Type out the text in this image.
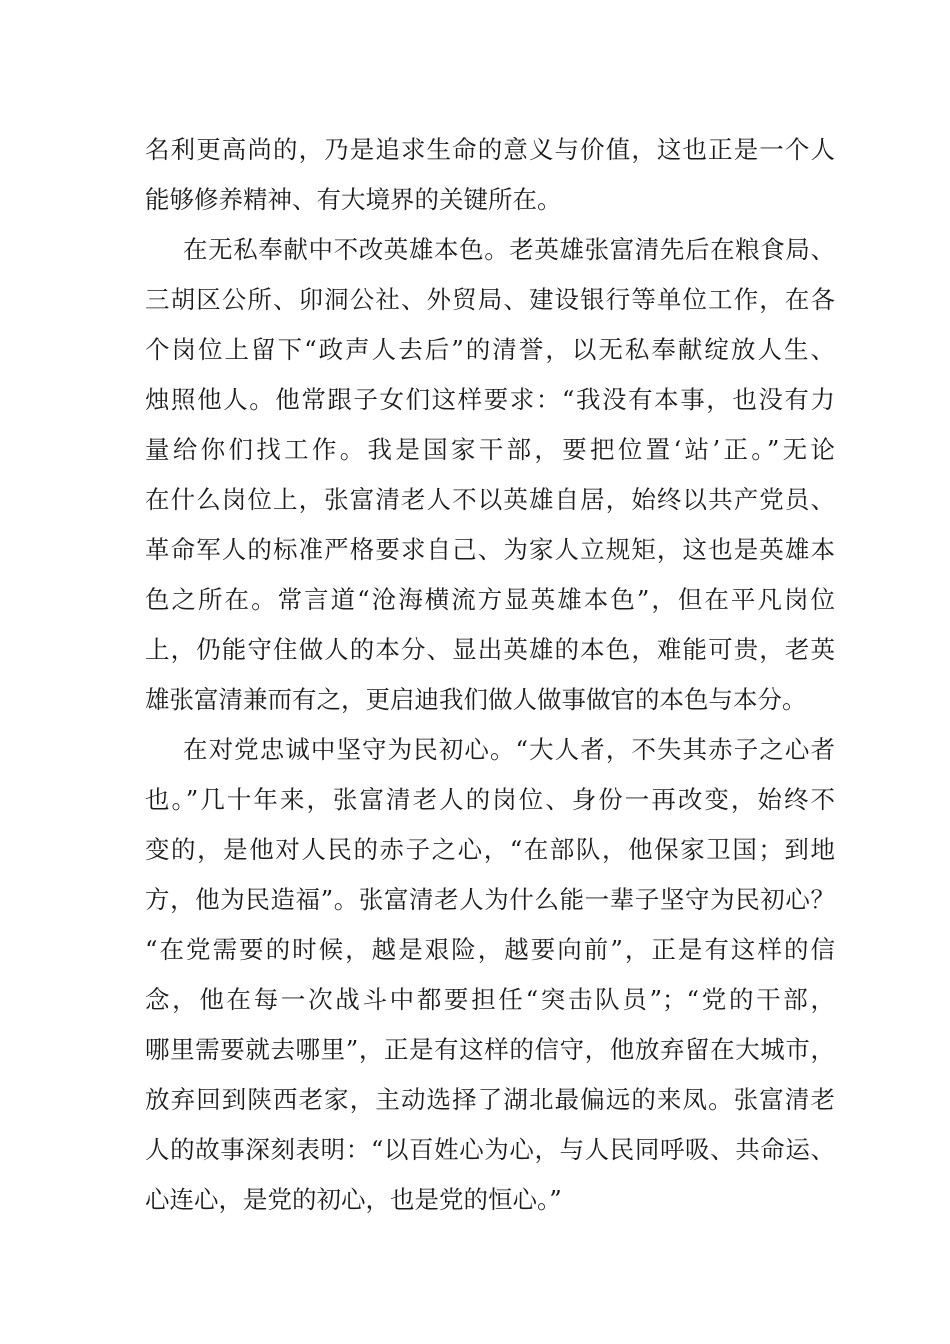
名利更高尚的，乃是追求生命的意义与价值，这也正是一个人
能够修养精神、有大境界的关键所在。
在无私奉献中不改英雄本色。老英雄张富清先后在粮食局、
三胡区公所、卯洞公社、外贸局、建设银行等单位工作，在各
个岗位上留下“政声人去后”的清誉，以无私奉献绽放人生、
烛照他人。他常跟子女们这样要求：“我没有本事，也没有力
量给你们找工作。我是国家干部，要把位置‘站’正。”无论
在什么岗位上，张富清老人不以英雄自居，始终以共产党员、
革命军人的标准严格要求自己、为家人立规矩，这也是英雄本
色之所在。常言道“沧海横流方显英雄本色”，但在平凡岗位
上，仍能守住做人的本分、显出英雄的本色，难能可贵，老英
雄张富清兼而有之，更启迪我们做人做事做官的本色与本分。
在对党忠诚中坚守为民初心。“大人者，不失其赤子之心者
也。”几十年来，张富清老人的岗位、身份一再改变，始终不
变的，是他对人民的赤子之心，“在部队，他保家卫国；到地
方，他为民造福”。张富清老人为什么能一辈子坚守为民初心？
“在党需要的时候，越是艰险，越要向前”，正是有这样的信
念，他在每一次战斗中都要担任“突击队员”；“党的干部，
哪里需要就去哪里”，正是有这样的信守，他放弃留在大城市，
放弃回到陕西老家，主动选择了湖北最偏远的来凤。张富清老
人的故事深刻表明：“以百姓心为心，与人民同呼吸、共命运、
心连心，是党的初心，也是党的恒心。”
